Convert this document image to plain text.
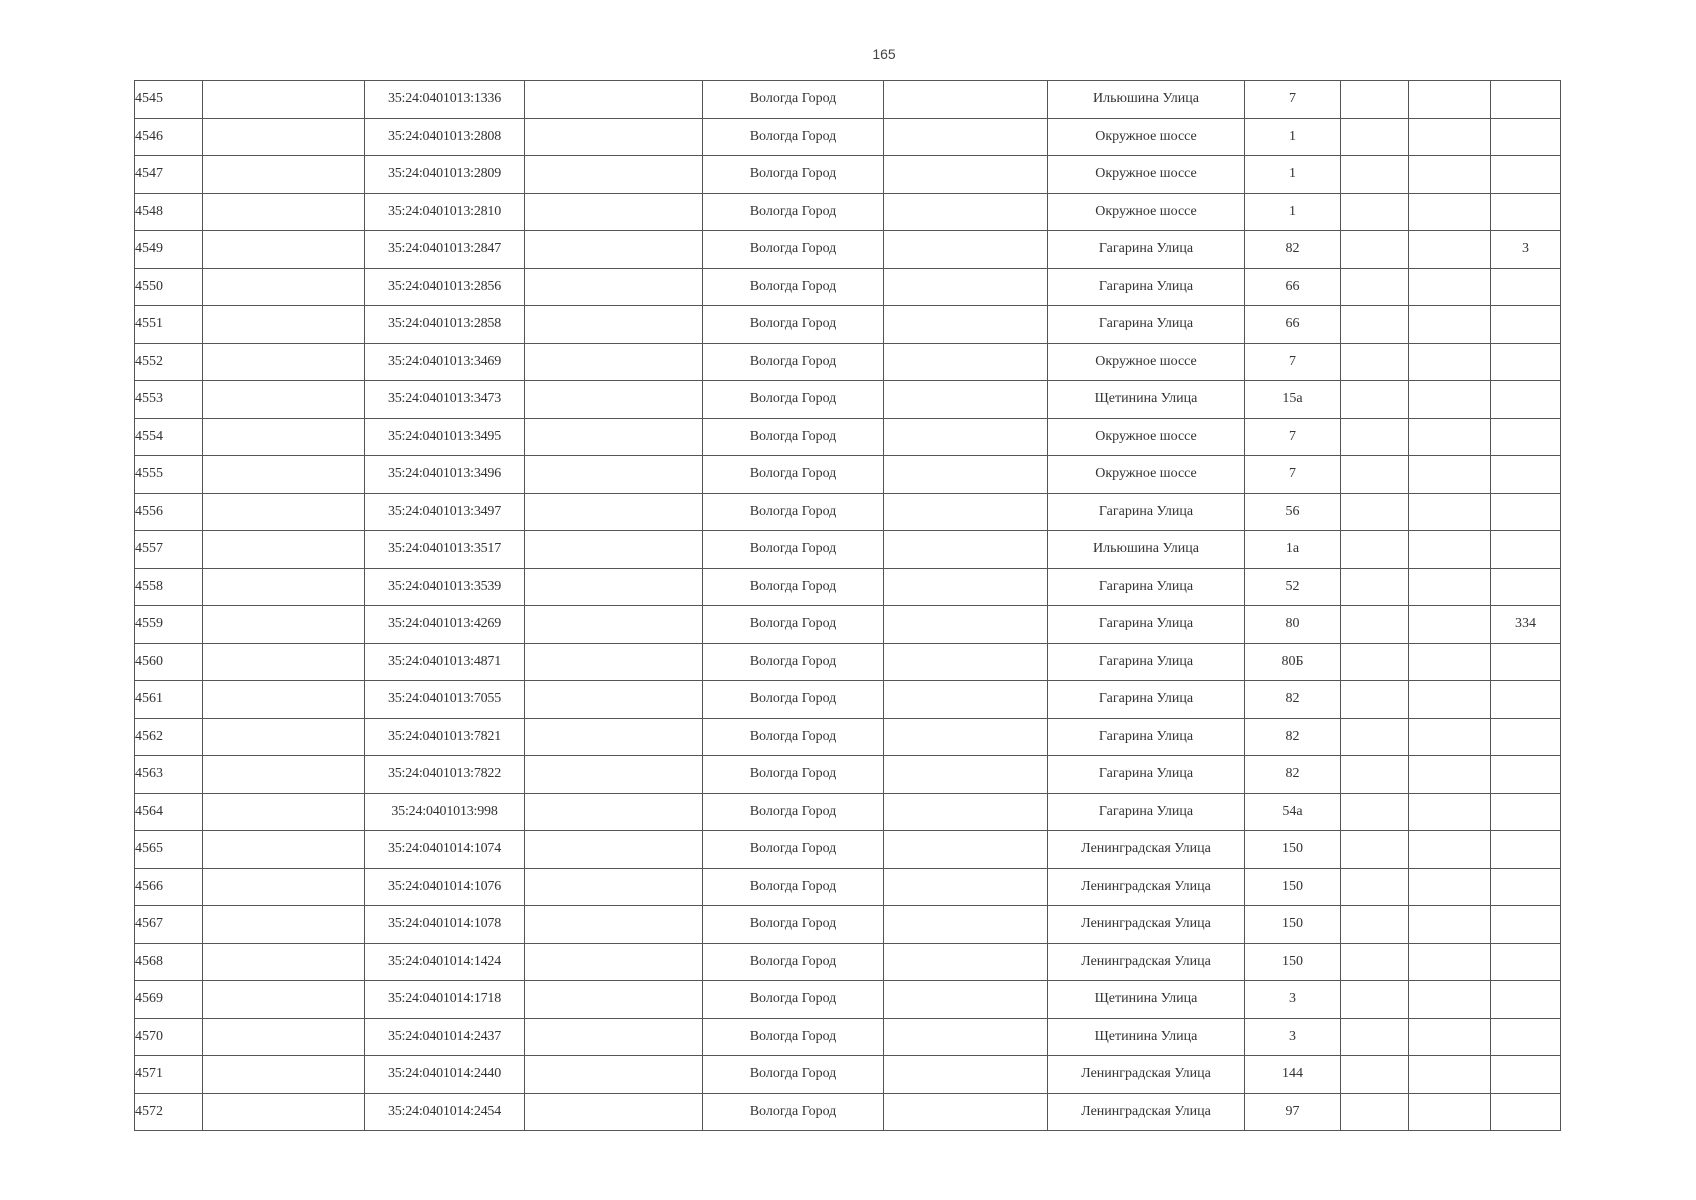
165
4545		35:24:0401013:1336		Вологда Город		Ильюшина Улица	7			
4546		35:24:0401013:2808		Вологда Город		Окружное шоссе	1			
4547		35:24:0401013:2809		Вологда Город		Окружное шоссе	1			
4548		35:24:0401013:2810		Вологда Город		Окружное шоссе	1			
4549		35:24:0401013:2847		Вологда Город		Гагарина Улица	82			3
4550		35:24:0401013:2856		Вологда Город		Гагарина Улица	66			
4551		35:24:0401013:2858		Вологда Город		Гагарина Улица	66			
4552		35:24:0401013:3469		Вологда Город		Окружное шоссе	7			
4553		35:24:0401013:3473		Вологда Город		Щетинина Улица	15а			
4554		35:24:0401013:3495		Вологда Город		Окружное шоссе	7			
4555		35:24:0401013:3496		Вологда Город		Окружное шоссе	7			
4556		35:24:0401013:3497		Вологда Город		Гагарина Улица	56			
4557		35:24:0401013:3517		Вологда Город		Ильюшина Улица	1а			
4558		35:24:0401013:3539		Вологда Город		Гагарина Улица	52			
4559		35:24:0401013:4269		Вологда Город		Гагарина Улица	80			334
4560		35:24:0401013:4871		Вологда Город		Гагарина Улица	80Б			
4561		35:24:0401013:7055		Вологда Город		Гагарина Улица	82			
4562		35:24:0401013:7821		Вологда Город		Гагарина Улица	82			
4563		35:24:0401013:7822		Вологда Город		Гагарина Улица	82			
4564		35:24:0401013:998		Вологда Город		Гагарина Улица	54а			
4565		35:24:0401014:1074		Вологда Город		Ленинградская Улица	150			
4566		35:24:0401014:1076		Вологда Город		Ленинградская Улица	150			
4567		35:24:0401014:1078		Вологда Город		Ленинградская Улица	150			
4568		35:24:0401014:1424		Вологда Город		Ленинградская Улица	150			
4569		35:24:0401014:1718		Вологда Город		Щетинина Улица	3			
4570		35:24:0401014:2437		Вологда Город		Щетинина Улица	3			
4571		35:24:0401014:2440		Вологда Город		Ленинградская Улица	144			
4572		35:24:0401014:2454		Вологда Город		Ленинградская Улица	97			
